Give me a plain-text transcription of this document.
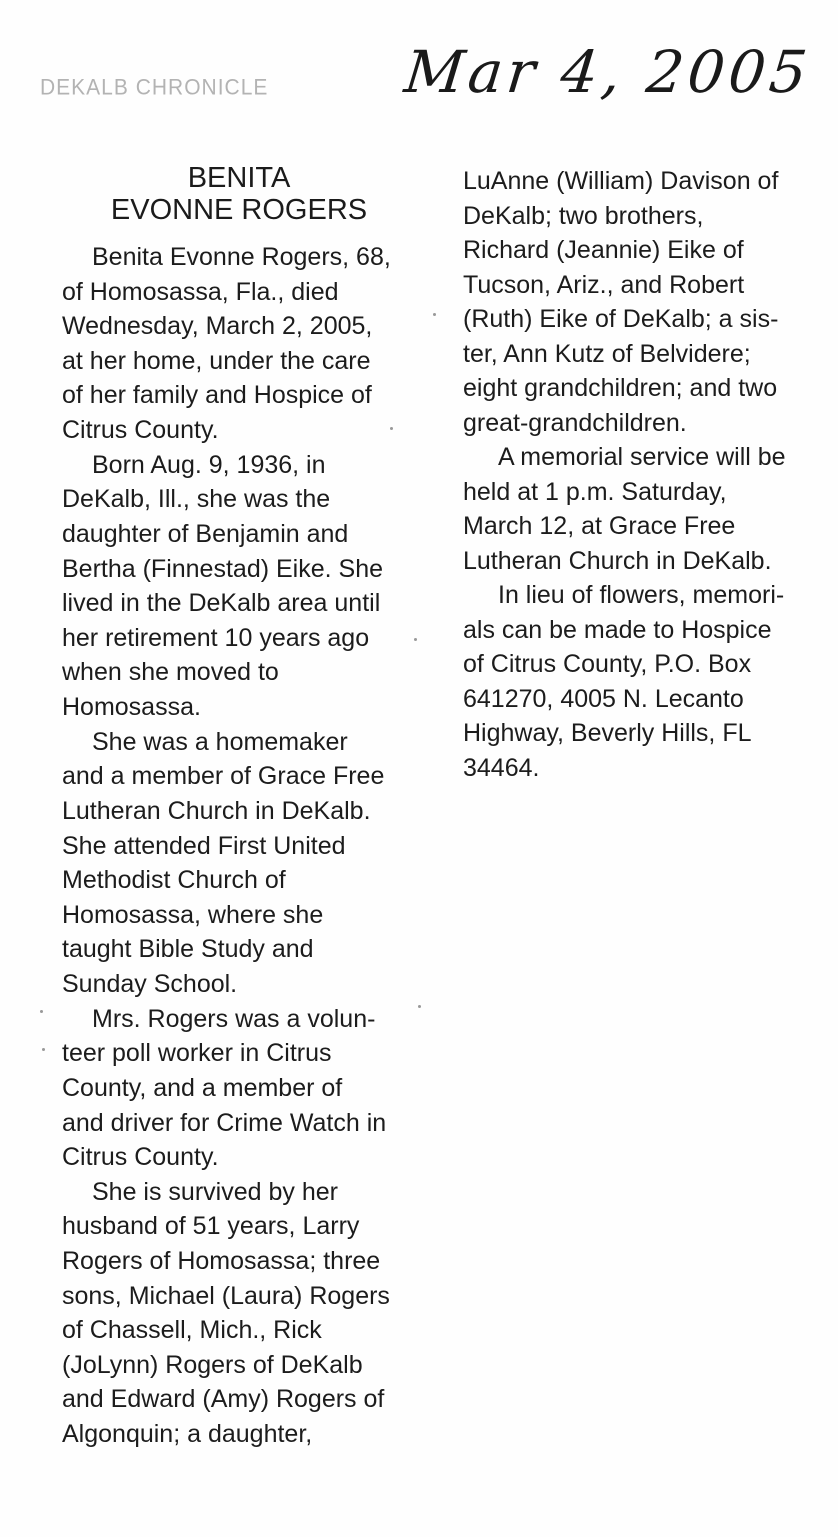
DEKALB CHRONICLE Mar 4, 2005
BENITA
EVONNE ROGERS
Benita Evonne Rogers, 68,
of Homosassa, Fla., died
Wednesday, March 2, 2005,
at her home, under the care
of her family and Hospice of
Citrus County.
Born Aug. 9, 1936, in
DeKalb, Ill., she was the
daughter of Benjamin and
Bertha (Finnestad) Eike. She
lived in the DeKalb area until
her retirement 10 years ago
when she moved to
Homosassa.
She was a homemaker
and a member of Grace Free
Lutheran Church in DeKalb.
She attended First United
Methodist Church of
Homosassa, where she
taught Bible Study and
Sunday School.
Mrs. Rogers was a volun-
teer poll worker in Citrus
County, and a member of
and driver for Crime Watch in
Citrus County.
She is survived by her
husband of 51 years, Larry
Rogers of Homosassa; three
sons, Michael (Laura) Rogers
of Chassell, Mich., Rick
(JoLynn) Rogers of DeKalb
and Edward (Amy) Rogers of
Algonquin; a daughter,
LuAnne (William) Davison of
DeKalb; two brothers,
Richard (Jeannie) Eike of
Tucson, Ariz., and Robert
(Ruth) Eike of DeKalb; a sis-
ter, Ann Kutz of Belvidere;
eight grandchildren; and two
great-grandchildren.
A memorial service will be
held at 1 p.m. Saturday,
March 12, at Grace Free
Lutheran Church in DeKalb.
In lieu of flowers, memori-
als can be made to Hospice
of Citrus County, P.O. Box
641270, 4005 N. Lecanto
Highway, Beverly Hills, FL
34464.
